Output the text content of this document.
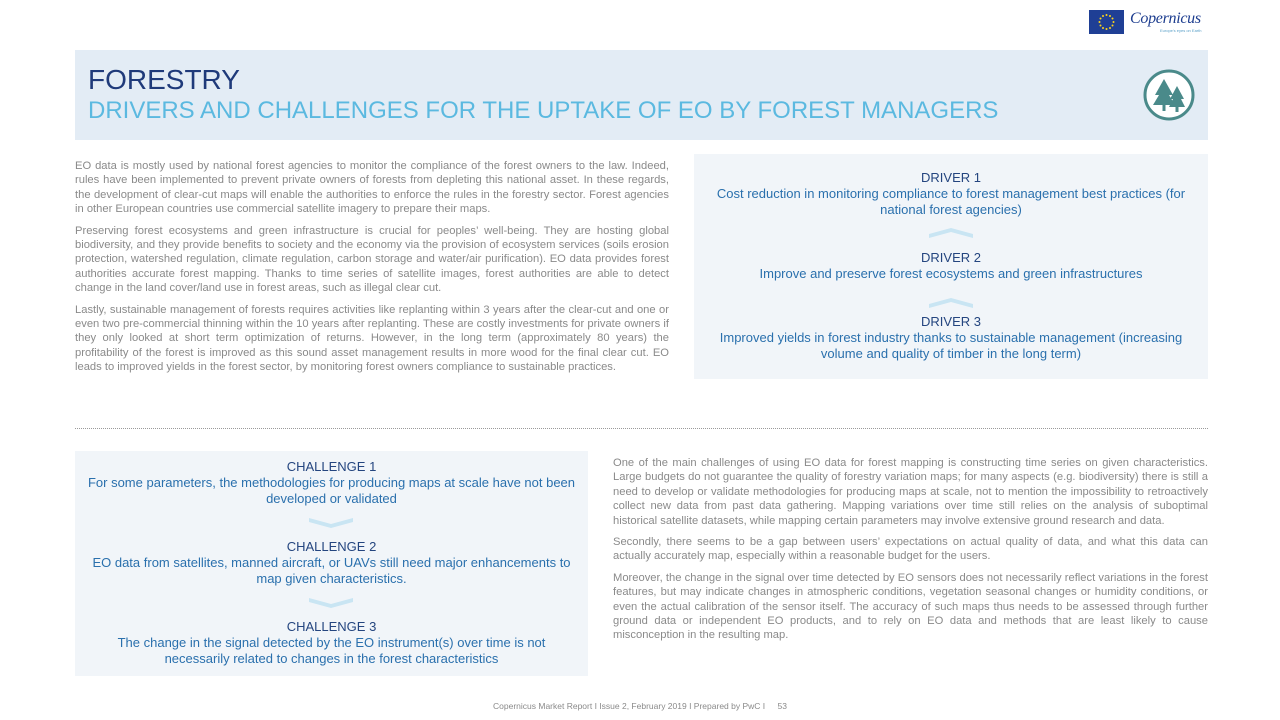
Copernicus
Europe's eyes on Earth
FORESTRY
DRIVERS AND CHALLENGES FOR THE UPTAKE OF EO BY FOREST MANAGERS

EO data is mostly used by national forest agencies to monitor the compliance of the forest owners to the law. Indeed, rules have been implemented to prevent private owners of forests from depleting this national asset. In these regards, the development of clear-cut maps will enable the authorities to enforce the rules in the forestry sector. Forest agencies in other European countries use commercial satellite imagery to prepare their maps.

Preserving forest ecosystems and green infrastructure is crucial for peoples’ well-being. They are hosting global biodiversity, and they provide benefits to society and the economy via the provision of ecosystem services (soils erosion protection, watershed regulation, climate regulation, carbon storage and water/air purification). EO data provides forest authorities accurate forest mapping. Thanks to time series of satellite images, forest authorities are able to detect change in the land cover/land use in forest areas, such as illegal clear cut.

Lastly, sustainable management of forests requires activities like replanting within 3 years after the clear-cut and one or even two pre-commercial thinning within the 10 years after replanting. These are costly investments for private owners if they only looked at short term optimization of returns. However, in the long term (approximately 80 years) the profitability of the forest is improved as this sound asset management results in more wood for the final clear cut. EO leads to improved yields in the forest sector, by monitoring forest owners compliance to sustainable practices.

DRIVER 1
Cost reduction in monitoring compliance to forest management best practices (for national forest agencies)
DRIVER 2
Improve and preserve forest ecosystems and green infrastructures
DRIVER 3
Improved yields in forest industry thanks to sustainable management (increasing volume and quality of timber in the long term)
CHALLENGE 1
For some parameters, the methodologies for producing maps at scale have not been developed or validated
CHALLENGE 2
EO data from satellites, manned aircraft, or UAVs still need major enhancements to map given characteristics.
CHALLENGE 3
The change in the signal detected by the EO instrument(s) over time is not necessarily related to changes in the forest characteristics

One of the main challenges of using EO data for forest mapping is constructing time series on given characteristics. Large budgets do not guarantee the quality of forestry variation maps; for many aspects (e.g. biodiversity) there is still a need to develop or validate methodologies for producing maps at scale, not to mention the impossibility to retroactively collect new data from past data gathering. Mapping variations over time still relies on the analysis of suboptimal historical satellite datasets, while mapping certain parameters may involve extensive ground research and data.

Secondly, there seems to be a gap between users’ expectations on actual quality of data, and what this data can actually accurately map, especially within a reasonable budget for the users.

Moreover, the change in the signal over time detected by EO sensors does not necessarily reflect variations in the forest features, but may indicate changes in atmospheric conditions, vegetation seasonal changes or humidity conditions, or even the actual calibration of the sensor itself. The accuracy of such maps thus needs to be assessed through further ground data or independent EO products, and to rely on EO data and methods that are least likely to cause misconception in the resulting map.

Copernicus Market Report I Issue 2, February 2019 I Prepared by PwC I 53
